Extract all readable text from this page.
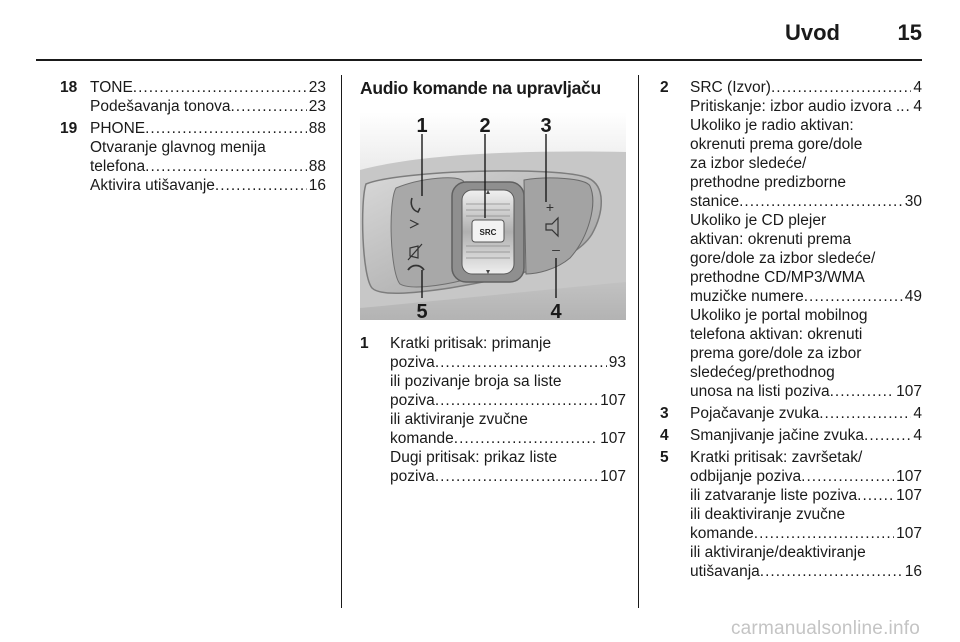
Uvod	15
18 TONE .....	23
Podešavanja tonova .....	23
19 PHONE .....	88
Otvaranje glavnog menija
telefona .....	88
Aktivira utišavanje .....	16
Audio komande na upravljaču
SRC
+
–
1	2 3
5	4
1 Kratki pritisak: primanje
poziva .....	93
ili pozivanje broja sa liste
poziva .....	107
ili aktiviranje zvučne
komande .....	107
Dugi pritisak: prikaz liste
poziva .....	107
2 SRC (Izvor) .....	4
Pritiskanje: izbor audio izvora . ..... 4
Ukoliko je radio aktivan:
okrenuti prema gore/dole
za izbor sledeće/
prethodne predizborne
stanice .....	30
Ukoliko je CD plejer
aktivan: okrenuti prema
gore/dole za izbor sledeće/
prethodne CD/MP3/WMA
muzičke numere .....	49
Ukoliko je portal mobilnog
telefona aktivan: okrenuti
prema gore/dole za izbor
sledećeg/prethodnog
unosa na listi poziva .....	107
3 Pojačavanje zvuka .....	4
4 Smanjivanje jačine zvuka .....	4
5 Kratki pritisak: završetak/
odbijanje poziva .....	107
ili zatvaranje liste poziva .....	107
ili deaktiviranje zvučne
komande .....	107
ili aktiviranje/deaktiviranje
utišavanja .....	16
carmanualsonline.info
